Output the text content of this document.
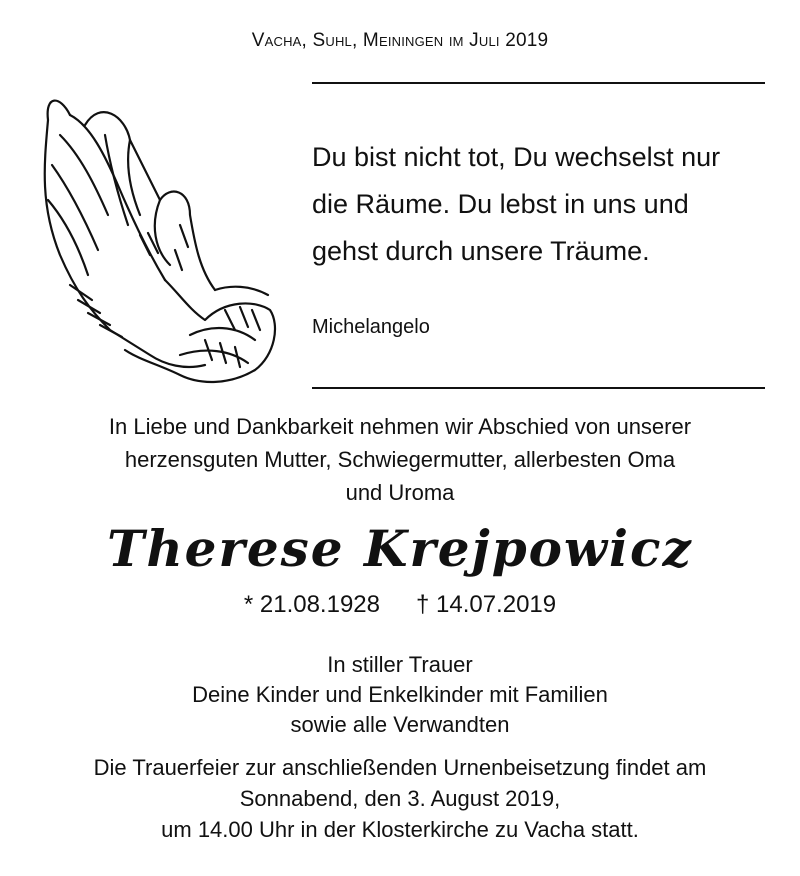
Vacha, Suhl, Meiningen im Juli 2019
Du bist nicht tot, Du wechselst nur
die Räume. Du lebst in uns und
gehst durch unsere Träume.
Michelangelo
In Liebe und Dankbarkeit nehmen wir Abschied von unserer
herzensguten Mutter, Schwiegermutter, allerbesten Oma
und Uroma
Therese Krejpowicz
* 21.08.1928 † 14.07.2019
In stiller Trauer
Deine Kinder und Enkelkinder mit Familien
sowie alle Verwandten
Die Trauerfeier zur anschließenden Urnenbeisetzung findet am
Sonnabend, den 3. August 2019,
um 14.00 Uhr in der Klosterkirche zu Vacha statt.
